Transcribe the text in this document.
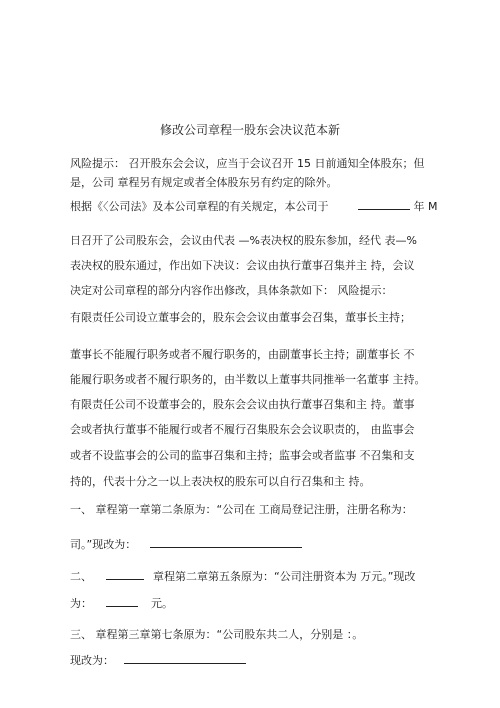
修改公司章程一股东会决议范本新
风险提示： 召开股东会会议，应当于会议召开 15 日前通知全体股东；但
是，公司 章程另有规定或者全体股东另有约定的除外。
根据《〈公司法》及本公司章程的有关规定，本公司于	年 M
日召开了公司股东会，会议由代表 —%表决权的股东参加，经代 表—%
表决权的股东通过，作出如下决议：会议由执行董事召集并主 持，会议
决定对公司章程的部分内容作出修改，具体条款如下： 风险提示：
有限责任公司设立董事会的，股东会会议由董事会召集，董事长主持；
董事长不能履行职务或者不履行职务的，由副董事长主持；副董事长 不
能履行职务或者不履行职务的，由半数以上董事共同推举一名董事 主持。
有限责任公司不设董事会的，股东会会议由执行董事召集和主 持。董事
会或者执行董事不能履行或者不履行召集股东会会议职责的， 由监事会
或者不设监事会的公司的监事召集和主持；监事会或者监事 不召集和支
持的，代表十分之一以上表决权的股东可以自行召集和主 持。
一、 章程第一章第二条原为：“公司在 工商局登记注册，注册名称为：
司。”现改为：
二、	章程第二章第五条原为：“公司注册资本为 万元。”现改
为：	元。
三、 章程第三章第七条原为：“公司股东共二人，分别是 ：。
现改为：
